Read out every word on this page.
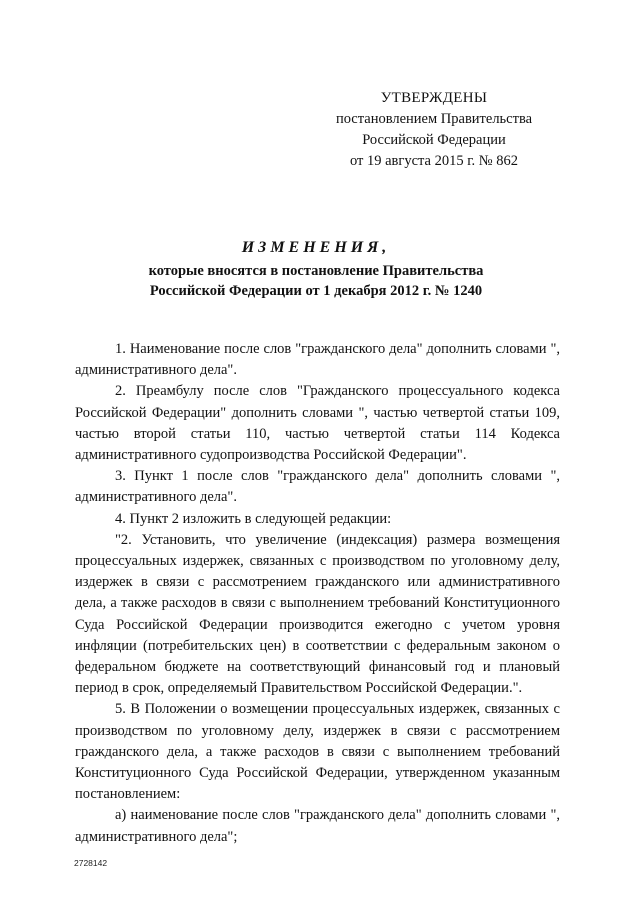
УТВЕРЖДЕНЫ
постановлением Правительства
Российской Федерации
от 19 августа 2015 г. № 862
ИЗМЕНЕНИЯ,
которые вносятся в постановление Правительства
Российской Федерации от 1 декабря 2012 г. № 1240

1. Наименование после слов "гражданского дела" дополнить словами ", административного дела".

2. Преамбулу после слов "Гражданского процессуального кодекса Российской Федерации" дополнить словами ", частью четвертой статьи 109, частью второй статьи 110, частью четвертой статьи 114 Кодекса административного судопроизводства Российской Федерации".

3. Пункт 1 после слов "гражданского дела" дополнить словами ", административного дела".

4. Пункт 2 изложить в следующей редакции:

"2. Установить, что увеличение (индексация) размера возмещения процессуальных издержек, связанных с производством по уголовному делу, издержек в связи с рассмотрением гражданского или административного дела, а также расходов в связи с выполнением требований Конституционного Суда Российской Федерации производится ежегодно с учетом уровня инфляции (потребительских цен) в соответствии с федеральным законом о федеральном бюджете на соответствующий финансовый год и плановый период в срок, определяемый Правительством Российской Федерации.".

5. В Положении о возмещении процессуальных издержек, связанных с производством по уголовному делу, издержек в связи с рассмотрением гражданского дела, а также расходов в связи с выполнением требований Конституционного Суда Российской Федерации, утвержденном указанным постановлением:

а) наименование после слов "гражданского дела" дополнить словами ", административного дела";

2728142
